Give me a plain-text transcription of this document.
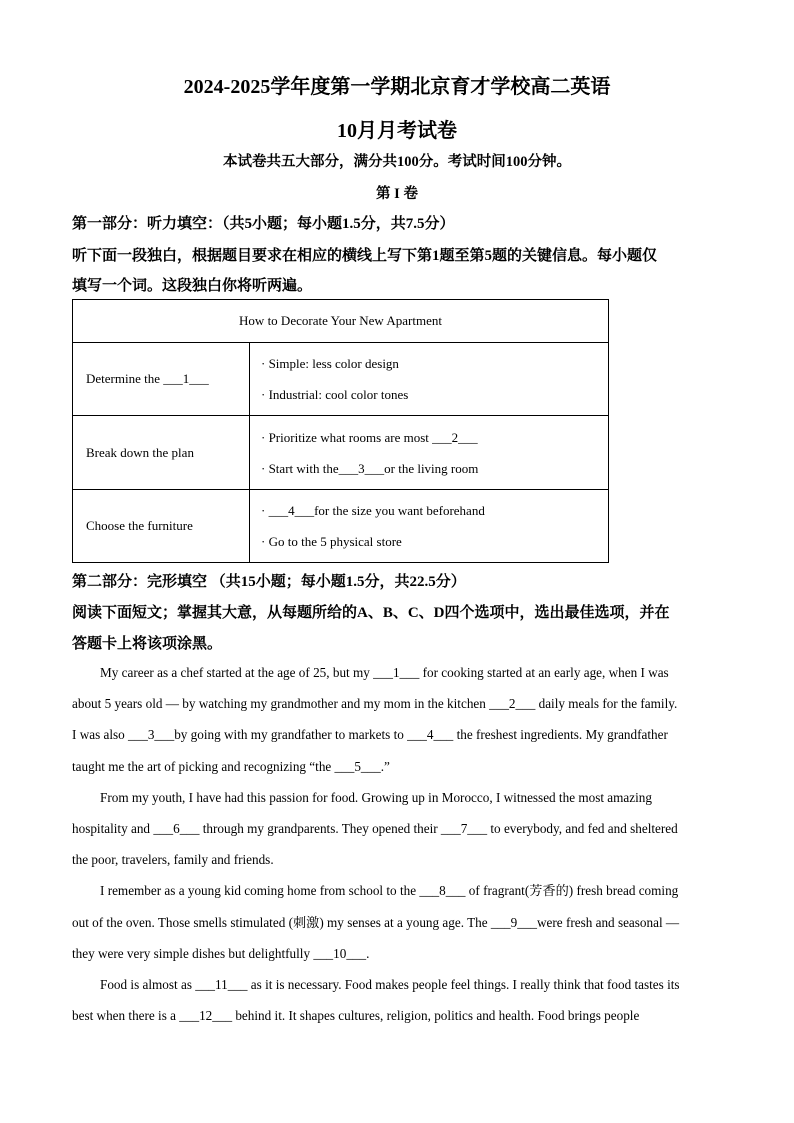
2024-2025学年度第一学期北京育才学校高二英语
10月月考试卷
本试卷共五大部分，满分共100分。考试时间100分钟。
第 I 卷
第一部分：听力填空：（共5小题；每小题1.5分，共7.5分）
听下面一段独白，根据题目要求在相应的横线上写下第1题至第5题的关键信息。每小题仅
填写一个词。这段独白你将听两遍。
How to Decorate Your New Apartment	
Determine the ___1___	· Simple: less color design
· Industrial: cool color tones

Break down the plan	· Prioritize what rooms are most ___2___
· Start with the___3___or the living room

Choose the furniture	· ___4___for the size you want beforehand
· Go to the 5 physical store
第二部分：完形填空 （共15小题；每小题1.5分，共22.5分）
阅读下面短文；掌握其大意，从每题所给的A、B、C、D四个选项中，选出最佳选项，并在
答题卡上将该项涂黑。
My career as a chef started at the age of 25, but my ___1___ for cooking started at an early age, when I was
about 5 years old — by watching my grandmother and my mom in the kitchen ___2___ daily meals for the family.
I was also ___3___by going with my grandfather to markets to ___4___ the freshest ingredients. My grandfather
taught me the art of picking and recognizing “the ___5___.”
From my youth, I have had this passion for food. Growing up in Morocco, I witnessed the most amazing
hospitality and ___6___ through my grandparents. They opened their ___7___ to everybody, and fed and sheltered
the poor, travelers, family and friends.
I remember as a young kid coming home from school to the ___8___ of fragrant(芳香的) fresh bread coming
out of the oven. Those smells stimulated (刺激) my senses at a young age. The ___9___were fresh and seasonal —
they were very simple dishes but delightfully ___10___.
Food is almost as ___11___ as it is necessary. Food makes people feel things. I really think that food tastes its
best when there is a ___12___ behind it. It shapes cultures, religion, politics and health. Food brings people
